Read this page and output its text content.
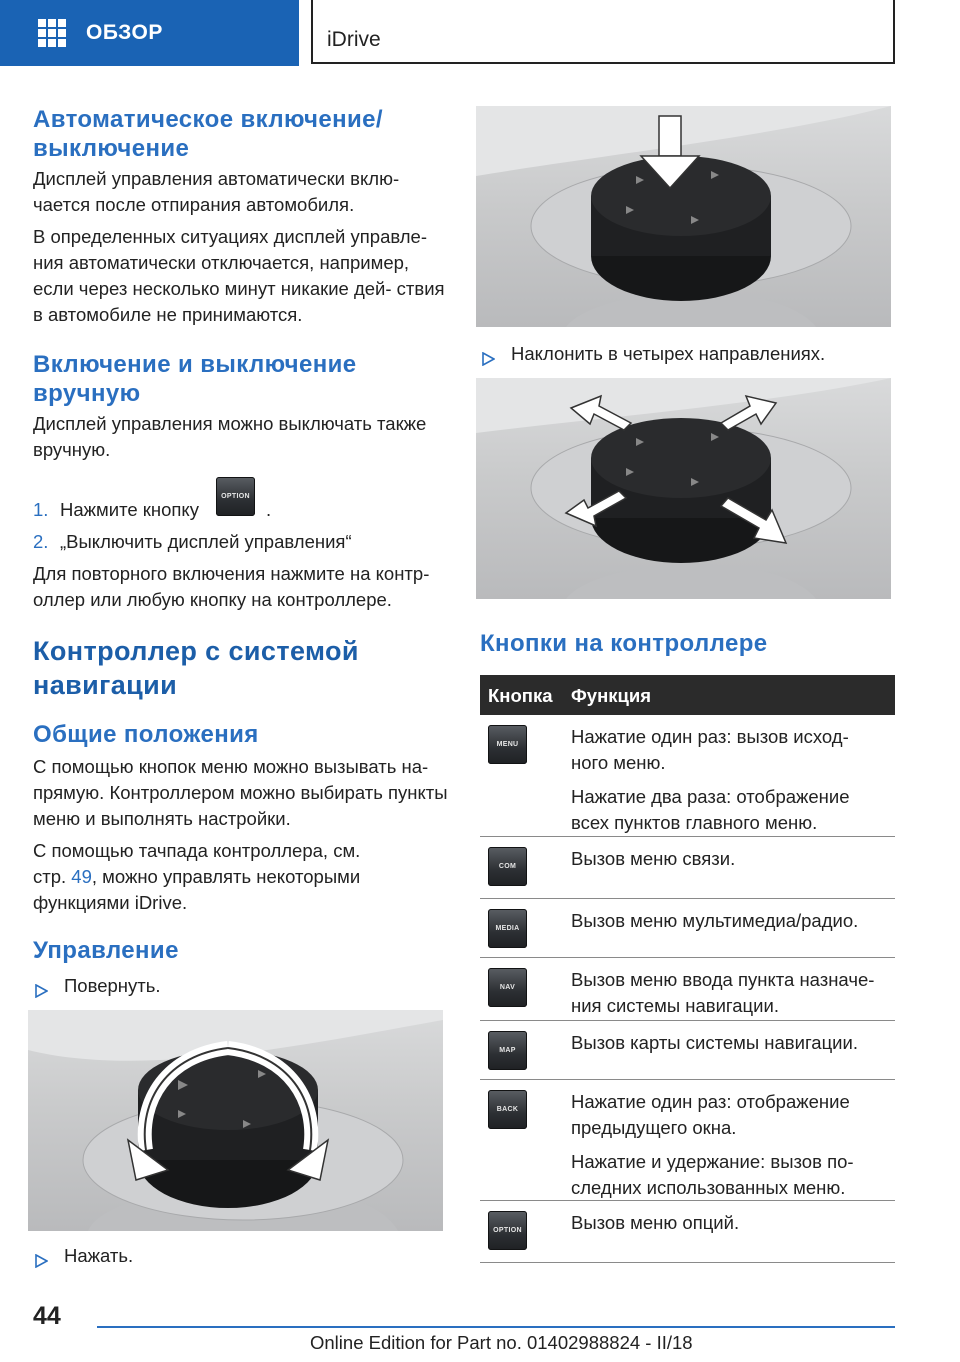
ОБЗОР	iDrive
Автоматическое включение/ выключение
Дисплей управления автоматически вклю- чается после отпирания автомобиля.
В определенных ситуациях дисплей управле- ния автоматически отключается, например, если через несколько минут никакие дей- ствия в автомобиле не принимаются.
Включение и выключение вручную
Дисплей управления можно выключать также вручную.
1. Нажмите кнопку
OPTION
.
2. „Выключить дисплей управления“
Для повторного включения нажмите на контр- оллер или любую кнопку на контроллере.
Контроллер с системой навигации
Общие положения
С помощью кнопок меню можно вызывать на- прямую. Контроллером можно выбирать пункты меню и выполнять настройки.
С помощью тачпада контроллера, см. стр. 49, можно управлять некоторыми функциями iDrive.
Управление
Повернуть.
Нажать.
Наклонить в четырех направлениях.
Кнопки на контроллере
Кнопка Функция
MENU	Нажатие один раз: вызов исход- ного меню.

Нажатие два раза: отображение всех пунктов главного меню.

COM	Вызов меню связи.

MEDIA	Вызов меню мультимедиа/радио.

NAV	Вызов меню ввода пункта назначе- ния системы навигации.

MAP	Вызов карты системы навигации.

BACK	Нажатие один раз: отображение предыдущего окна.

Нажатие и удержание: вызов по- следних использованных меню.

OPTION	Вызов меню опций.

44
Online Edition for Part no. 01402988824 - II/18
